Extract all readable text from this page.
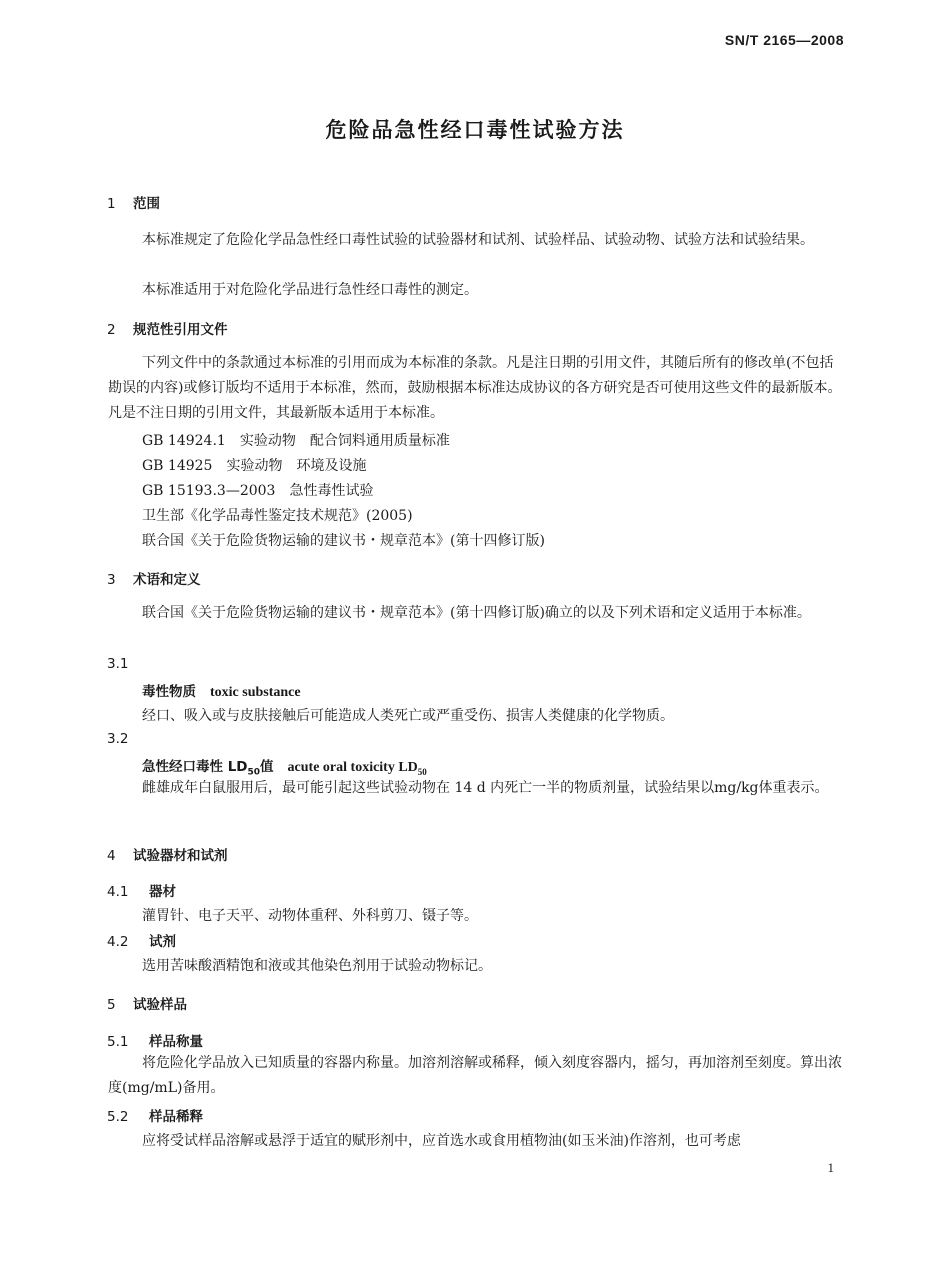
SN/T 2165—2008
危险品急性经口毒性试验方法
1 范围
本标准规定了危险化学品急性经口毒性试验的试验器材和试剂、试验样品、试验动物、试验方法和试验结果。
本标准适用于对危险化学品进行急性经口毒性的测定。
2 规范性引用文件
下列文件中的条款通过本标准的引用而成为本标准的条款。凡是注日期的引用文件，其随后所有的修改单(不包括勘误的内容)或修订版均不适用于本标准，然而，鼓励根据本标准达成协议的各方研究是否可使用这些文件的最新版本。凡是不注日期的引用文件，其最新版本适用于本标准。
GB 14924.1　实验动物　配合饲料通用质量标准
GB 14925　实验动物　环境及设施
GB 15193.3—2003　急性毒性试验
卫生部《化学品毒性鉴定技术规范》(2005)
联合国《关于危险货物运输的建议书・规章范本》(第十四修订版)
3 术语和定义
联合国《关于危险货物运输的建议书・规章范本》(第十四修订版)确立的以及下列术语和定义适用于本标准。
3.1
毒性物质 toxic substance
经口、吸入或与皮肤接触后可能造成人类死亡或严重受伤、损害人类健康的化学物质。
3.2
急性经口毒性 $LD_{50}$值 acute oral toxicity $LD_{50}$
雌雄成年白鼠服用后，最可能引起这些试验动物在 14 d 内死亡一半的物质剂量，试验结果以mg/kg体重表示。
4 试验器材和试剂
4.1 器材
灌胃针、电子天平、动物体重秤、外科剪刀、镊子等。
4.2 试剂
选用苦味酸酒精饱和液或其他染色剂用于试验动物标记。
5 试验样品
5.1 样品称量
将危险化学品放入已知质量的容器内称量。加溶剂溶解或稀释，倾入刻度容器内，摇匀，再加溶剂至刻度。算出浓度(mg/mL)备用。
5.2 样品稀释
应将受试样品溶解或悬浮于适宜的赋形剂中，应首选水或食用植物油(如玉米油)作溶剂，也可考虑
1
